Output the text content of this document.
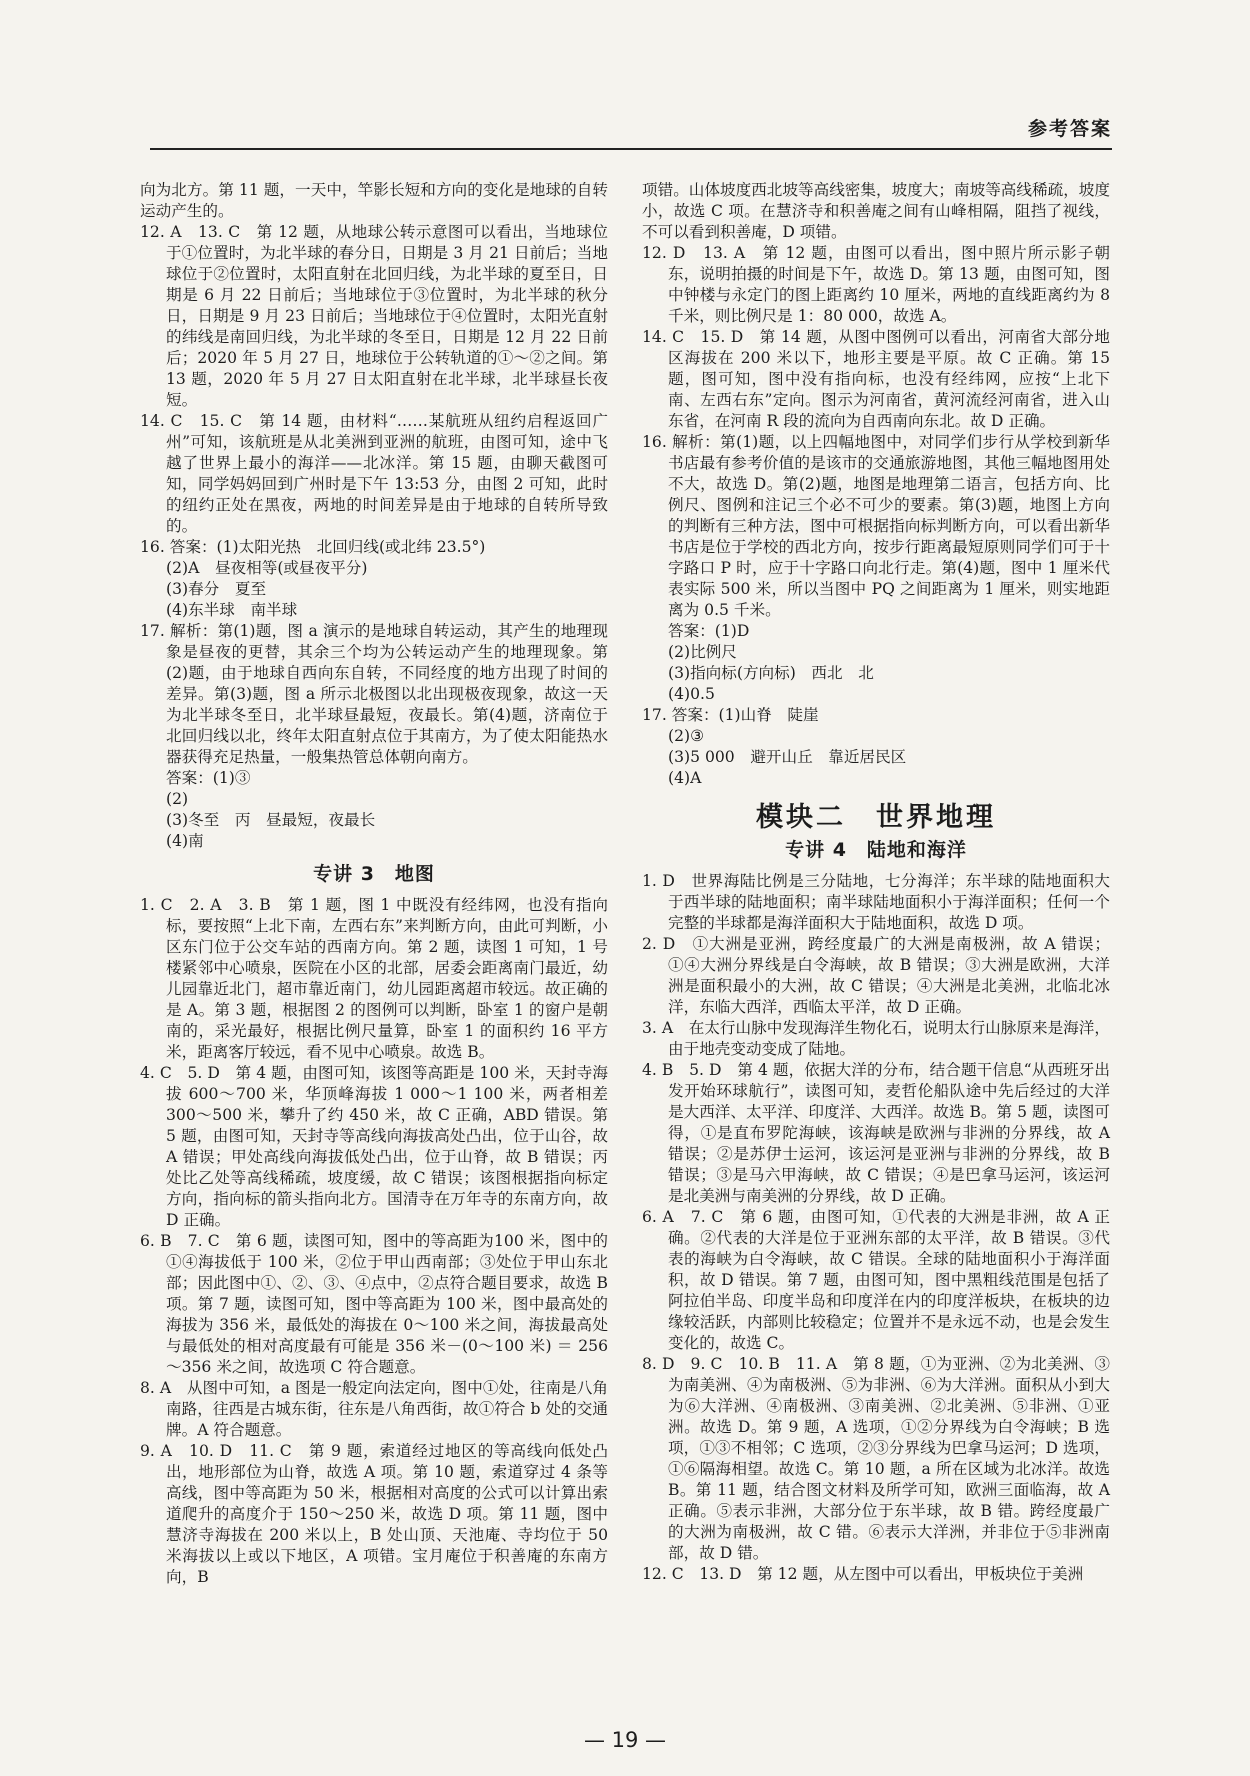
参考答案
向为北方。第 11 题，一天中，竿影长短和方向的变化是地球的自转运动产生的。
12. A　13. C　第 12 题，从地球公转示意图可以看出，当地球位于①位置时，为北半球的春分日，日期是 3 月 21 日前后；当地球位于②位置时，太阳直射在北回归线，为北半球的夏至日，日期是 6 月 22 日前后；当地球位于③位置时，为北半球的秋分日，日期是 9 月 23 日前后；当地球位于④位置时，太阳光直射的纬线是南回归线，为北半球的冬至日，日期是 12 月 22 日前后；2020 年 5 月 27 日，地球位于公转轨道的①～②之间。第 13 题，2020 年 5 月 27 日太阳直射在北半球，北半球昼长夜短。
14. C　15. C　第 14 题，由材料“……某航班从纽约启程返回广州”可知，该航班是从北美洲到亚洲的航班，由图可知，途中飞越了世界上最小的海洋——北冰洋。第 15 题，由聊天截图可知，同学妈妈回到广州时是下午 13:53 分，由图 2 可知，此时的纽约正处在黑夜，两地的时间差异是由于地球的自转所导致的。
16. 答案：(1)太阳光热　北回归线(或北纬 23.5°)
(2)A　昼夜相等(或昼夜平分)
(3)春分　夏至
(4)东半球　南半球
17. 解析：第(1)题，图 a 演示的是地球自转运动，其产生的地理现象是昼夜的更替，其余三个均为公转运动产生的地理现象。第(2)题，由于地球自西向东自转，不同经度的地方出现了时间的差异。第(3)题，图 a 所示北极图以北出现极夜现象，故这一天为北半球冬至日，北半球昼最短，夜最长。第(4)题，济南位于北回归线以北，终年太阳直射点位于其南方，为了使太阳能热水器获得充足热量，一般集热管总体朝向南方。
答案：(1)③
(2)
(3)冬至　丙　昼最短，夜最长
(4)南
专讲 3　地图
1. C　2. A　3. B　第 1 题，图 1 中既没有经纬网，也没有指向标，要按照“上北下南，左西右东”来判断方向，由此可判断，小区东门位于公交车站的西南方向。第 2 题，读图 1 可知，1 号楼紧邻中心喷泉，医院在小区的北部，居委会距离南门最近，幼儿园靠近北门，超市靠近南门，幼儿园距离超市较远。故正确的是 A。第 3 题，根据图 2 的图例可以判断，卧室 1 的窗户是朝南的，采光最好，根据比例尺量算，卧室 1 的面积约 16 平方米，距离客厅较远，看不见中心喷泉。故选 B。
4. C　5. D　第 4 题，由图可知，该图等高距是 100 米，天封寺海拔 600～700 米，华顶峰海拔 1 000～1 100 米，两者相差 300～500 米，攀升了约 450 米，故 C 正确，ABD 错误。第 5 题，由图可知，天封寺等高线向海拔高处凸出，位于山谷，故 A 错误；甲处高线向海拔低处凸出，位于山脊，故 B 错误；丙处比乙处等高线稀疏，坡度缓，故 C 错误；该图根据指向标定方向，指向标的箭头指向北方。国清寺在万年寺的东南方向，故 D 正确。
6. B　7. C　第 6 题，读图可知，图中的等高距为100 米，图中的①④海拔低于 100 米，②位于甲山西南部；③处位于甲山东北部；因此图中①、②、③、④点中，②点符合题目要求，故选 B 项。第 7 题，读图可知，图中等高距为 100 米，图中最高处的海拔为 356 米，最低处的海拔在 0～100 米之间，海拔最高处与最低处的相对高度最有可能是 356 米－(0～100 米) ＝ 256～356 米之间，故选项 C 符合题意。
8. A　从图中可知，a 图是一般定向法定向，图中①处，往南是八角南路，往西是古城东街，往东是八角西街，故①符合 b 处的交通牌。A 符合题意。
9. A　10. D　11. C　第 9 题，索道经过地区的等高线向低处凸出，地形部位为山脊，故选 A 项。第 10 题，索道穿过 4 条等高线，图中等高距为 50 米，根据相对高度的公式可以计算出索道爬升的高度介于 150～250 米，故选 D 项。第 11 题，图中慧济寺海拔在 200 米以上，B 处山顶、天池庵、寺均位于 50 米海拔以上或以下地区，A 项错。宝月庵位于积善庵的东南方向，B
项错。山体坡度西北坡等高线密集，坡度大；南坡等高线稀疏，坡度小，故选 C 项。在慧济寺和积善庵之间有山峰相隔，阻挡了视线，不可以看到积善庵，D 项错。
12. D　13. A　第 12 题，由图可以看出，图中照片所示影子朝东，说明拍摄的时间是下午，故选 D。第 13 题，由图可知，图中钟楼与永定门的图上距离约 10 厘米，两地的直线距离约为 8 千米，则比例尺是 1：80 000，故选 A。
14. C　15. D　第 14 题，从图中图例可以看出，河南省大部分地区海拔在 200 米以下，地形主要是平原。故 C 正确。第 15 题，图可知，图中没有指向标，也没有经纬网，应按“上北下南、左西右东”定向。图示为河南省，黄河流经河南省，进入山东省，在河南 R 段的流向为自西南向东北。故 D 正确。
16. 解析：第(1)题，以上四幅地图中，对同学们步行从学校到新华书店最有参考价值的是该市的交通旅游地图，其他三幅地图用处不大，故选 D。第(2)题，地图是地理第二语言，包括方向、比例尺、图例和注记三个必不可少的要素。第(3)题，地图上方向的判断有三种方法，图中可根据指向标判断方向，可以看出新华书店是位于学校的西北方向，按步行距离最短原则同学们可于十字路口 P 时，应于十字路口向北行走。第(4)题，图中 1 厘米代表实际 500 米，所以当图中 PQ 之间距离为 1 厘米，则实地距离为 0.5 千米。
答案：(1)D
(2)比例尺
(3)指向标(方向标)　西北　北
(4)0.5
17. 答案：(1)山脊　陡崖
(2)③
(3)5 000　避开山丘　靠近居民区
(4)A
模块二　世界地理
专讲 4　陆地和海洋
1. D　世界海陆比例是三分陆地，七分海洋；东半球的陆地面积大于西半球的陆地面积；南半球陆地面积小于海洋面积；任何一个完整的半球都是海洋面积大于陆地面积，故选 D 项。
2. D　①大洲是亚洲，跨经度最广的大洲是南极洲，故 A 错误；①④大洲分界线是白令海峡，故 B 错误；③大洲是欧洲，大洋洲是面积最小的大洲，故 C 错误；④大洲是北美洲，北临北冰洋，东临大西洋，西临太平洋，故 D 正确。
3. A　在太行山脉中发现海洋生物化石，说明太行山脉原来是海洋，由于地壳变动变成了陆地。
4. B　5. D　第 4 题，依据大洋的分布，结合题干信息“从西班牙出发开始环球航行”，读图可知，麦哲伦船队途中先后经过的大洋是大西洋、太平洋、印度洋、大西洋。故选 B。第 5 题，读图可得，①是直布罗陀海峡，该海峡是欧洲与非洲的分界线，故 A 错误；②是苏伊士运河，该运河是亚洲与非洲的分界线，故 B 错误；③是马六甲海峡，故 C 错误；④是巴拿马运河，该运河是北美洲与南美洲的分界线，故 D 正确。
6. A　7. C　第 6 题，由图可知，①代表的大洲是非洲，故 A 正确。②代表的大洋是位于亚洲东部的太平洋，故 B 错误。③代表的海峡为白令海峡，故 C 错误。全球的陆地面积小于海洋面积，故 D 错误。第 7 题，由图可知，图中黑粗线范围是包括了阿拉伯半岛、印度半岛和印度洋在内的印度洋板块，在板块的边缘较活跃，内部则比较稳定；位置并不是永远不动，也是会发生变化的，故选 C。
8. D　9. C　10. B　11. A　第 8 题，①为亚洲、②为北美洲、③为南美洲、④为南极洲、⑤为非洲、⑥为大洋洲。面积从小到大为⑥大洋洲、④南极洲、③南美洲、②北美洲、⑤非洲、①亚洲。故选 D。第 9 题，A 选项，①②分界线为白令海峡；B 选项，①③不相邻；C 选项，②③分界线为巴拿马运河；D 选项，①⑥隔海相望。故选 C。第 10 题，a 所在区域为北冰洋。故选 B。第 11 题，结合图文材料及所学可知，欧洲三面临海，故 A 正确。⑤表示非洲，大部分位于东半球，故 B 错。跨经度最广的大洲为南极洲，故 C 错。⑥表示大洋洲，并非位于⑤非洲南部，故 D 错。
12. C　13. D　第 12 题，从左图中可以看出，甲板块位于美洲
— 19 —
